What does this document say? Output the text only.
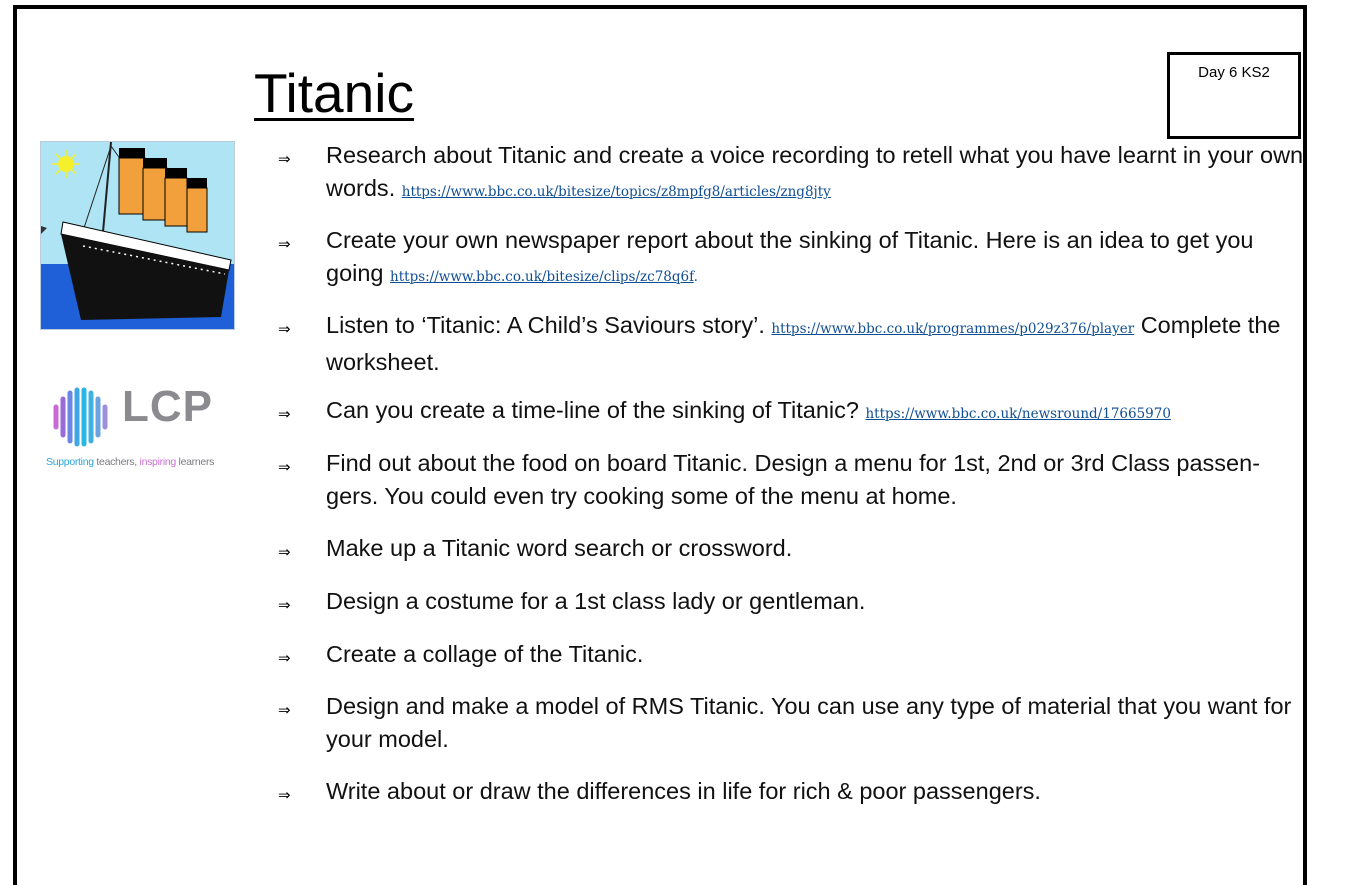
Titanic	Day 6 KS2
LCP
Supporting teachers, inspiring learners
⇒ Research about Titanic and create a voice recording to retell what you have learnt in your own words. https://www.bbc.co.uk/bitesize/topics/z8mpfg8/articles/zng8jty
⇒ Create your own newspaper report about the sinking of Titanic. Here is an idea to get you going https://www.bbc.co.uk/bitesize/clips/zc78q6f.
⇒ Listen to ‘Titanic: A Child’s Saviours story’. https://www.bbc.co.uk/programmes/p029z376/player Complete the worksheet.
⇒ Can you create a time-line of the sinking of Titanic? https://www.bbc.co.uk/newsround/17665970
⇒ Find out about the food on board Titanic. Design a menu for 1st, 2nd or 3rd Class passen-gers. You could even try cooking some of the menu at home.
⇒ Make up a Titanic word search or crossword.
⇒ Design a costume for a 1st class lady or gentleman.
⇒ Create a collage of the Titanic.
⇒ Design and make a model of RMS Titanic. You can use any type of material that you want for your model.
⇒ Write about or draw the differences in life for rich & poor passengers.
